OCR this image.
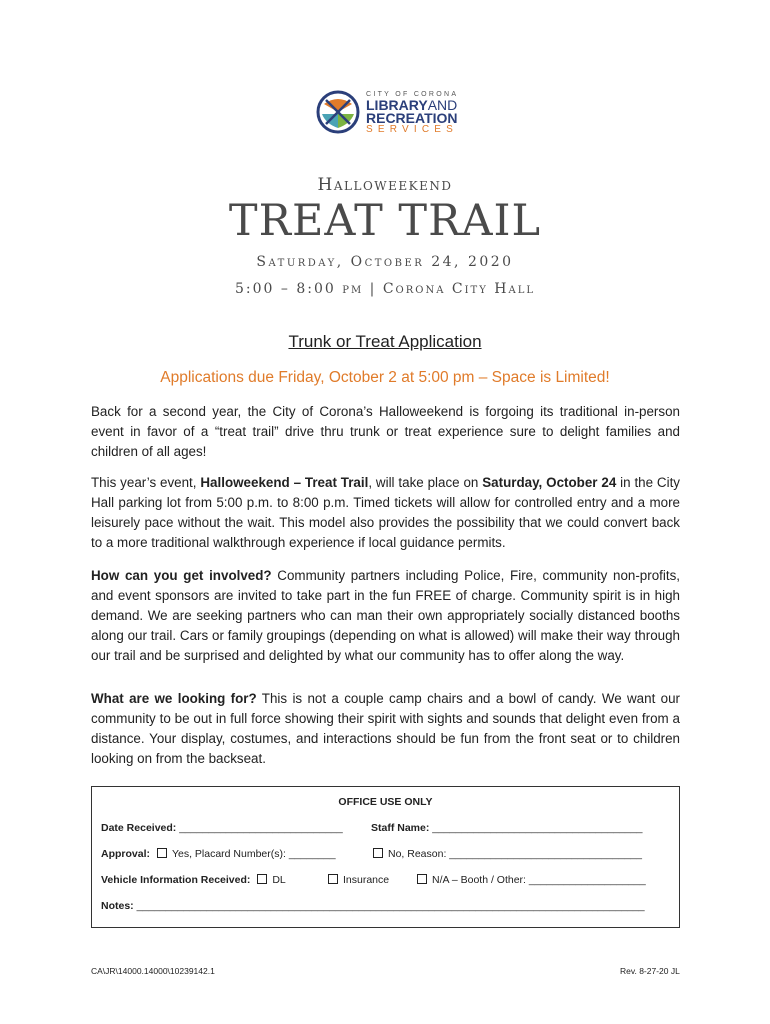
CITY OF CORONA
LIBRARYAND
RECREATION
SERVICES
Halloweekend
TREAT TRAIL
Saturday, October 24, 2020
5:00 – 8:00 pm | Corona City Hall
Trunk or Treat Application
Applications due Friday, October 2 at 5:00 pm – Space is Limited!

Back for a second year, the City of Corona’s Halloweekend is forgoing its traditional in-person event in favor of a “treat trail” drive thru trunk or treat experience sure to delight families and children of all ages!

This year’s event, Halloweekend – Treat Trail, will take place on Saturday, October 24 in the City Hall parking lot from 5:00 p.m. to 8:00 p.m. Timed tickets will allow for controlled entry and a more leisurely pace without the wait. This model also provides the possibility that we could convert back to a more traditional walkthrough experience if local guidance permits.

How can you get involved? Community partners including Police, Fire, community non-profits, and event sponsors are invited to take part in the fun FREE of charge. Community spirit is in high demand. We are seeking partners who can man their own appropriately socially distanced booths along our trail. Cars or family groupings (depending on what is allowed) will make their way through our trail and be surprised and delighted by what our community has to offer along the way.

What are we looking for? This is not a couple camp chairs and a bowl of candy. We want our community to be out in full force showing their spirit with sights and sounds that delight even from a distance. Your display, costumes, and interactions should be fun from the front seat or to children looking on from the backseat.

OFFICE USE ONLY
Date Received: ____________________________	Staff Name: ____________________________________
Approval: Yes, Placard Number(s): ________	No, Reason: _________________________________
Vehicle Information Received: DL	Insurance	N/A – Booth / Other: ____________________
Notes: _______________________________________________________________________________________
CA\JR\14000.14000\10239142.1	Rev. 8-27-20 JL
